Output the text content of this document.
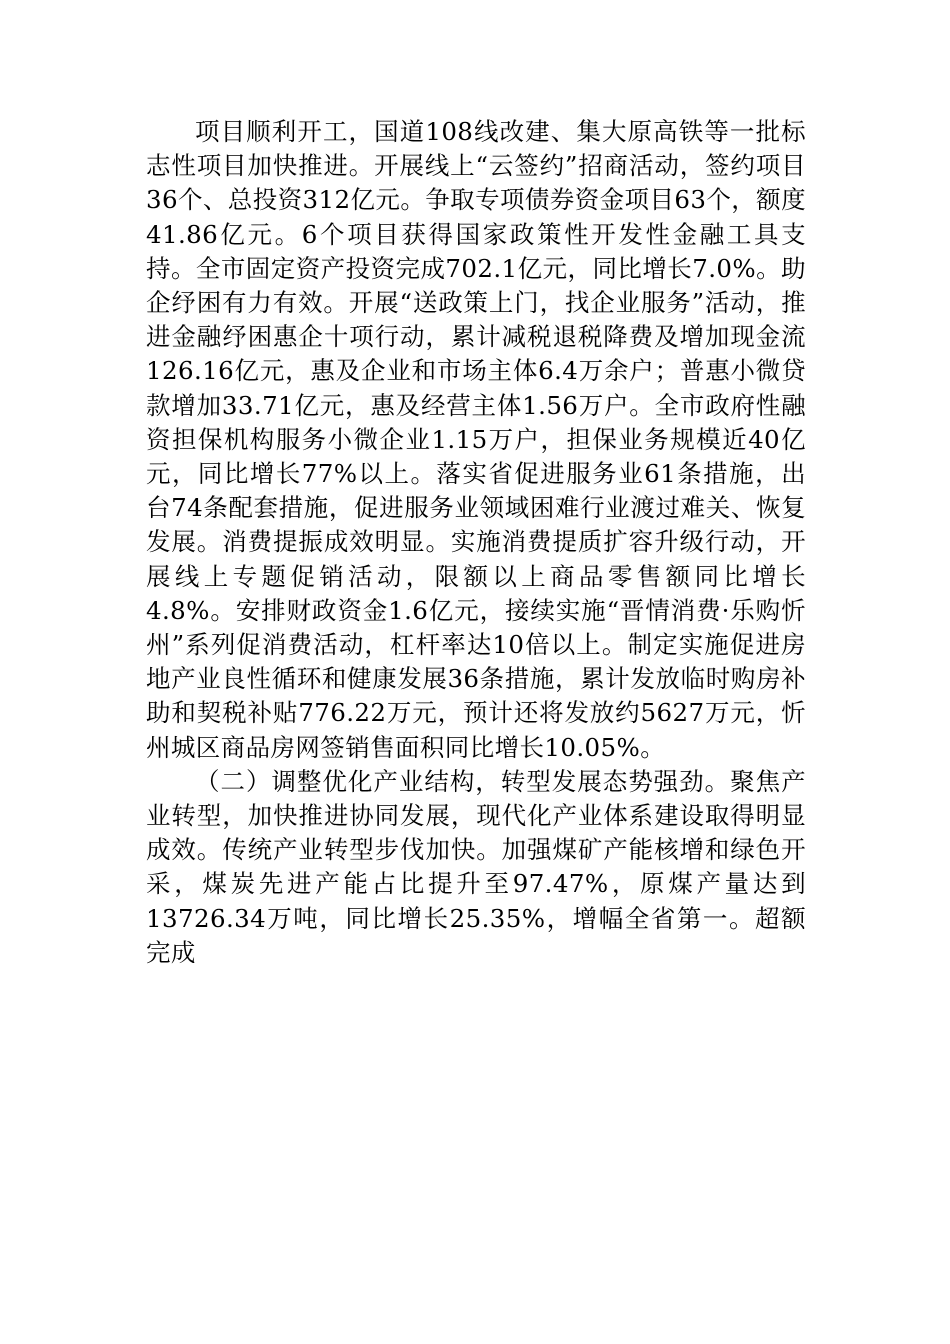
项目顺利开工，国道108线改建、集大原高铁等一批标志性项目加快推进。开展线上“云签约”招商活动，签约项目36个、总投资312亿元。争取专项债券资金项目63个，额度41.86亿元。6个项目获得国家政策性开发性金融工具支持。全市固定资产投资完成702.1亿元，同比增长7.0%。助企纾困有力有效。开展“送政策上门，找企业服务”活动，推进金融纾困惠企十项行动，累计减税退税降费及增加现金流126.16亿元，惠及企业和市场主体6.4万余户；普惠小微贷款增加33.71亿元，惠及经营主体1.56万户。全市政府性融资担保机构服务小微企业1.15万户，担保业务规模近40亿元，同比增长77%以上。落实省促进服务业61条措施，出台74条配套措施，促进服务业领域困难行业渡过难关、恢复发展。消费提振成效明显。实施消费提质扩容升级行动，开展线上专题促销活动，限额以上商品零售额同比增长4.8%。安排财政资金1.6亿元，接续实施“晋情消费·乐购忻州”系列促消费活动，杠杆率达10倍以上。制定实施促进房地产业良性循环和健康发展36条措施，累计发放临时购房补助和契税补贴776.22万元，预计还将发放约5627万元，忻州城区商品房网签销售面积同比增长10.05%。

（二）调整优化产业结构，转型发展态势强劲。聚焦产业转型，加快推进协同发展，现代化产业体系建设取得明显成效。传统产业转型步伐加快。加强煤矿产能核增和绿色开采，煤炭先进产能占比提升至97.47%，原煤产量达到13726.34万吨，同比增长25.35%，增幅全省第一。超额完成
